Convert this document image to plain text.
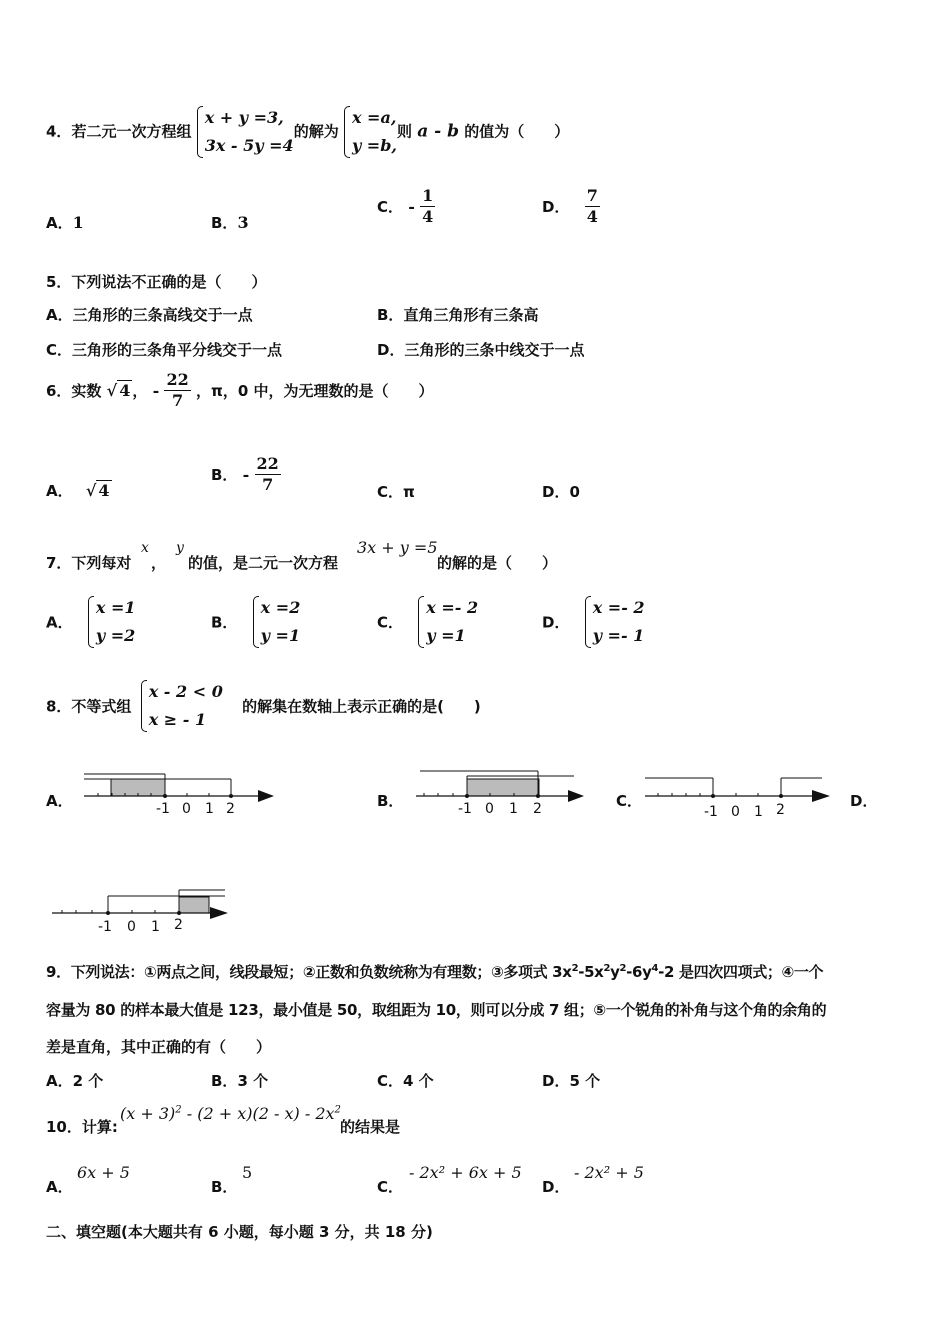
4．若二元一次方程组
x + y =3,
3x - 5y =4
的解为
x =a,
y =b,
则 a - b 的值为（　　）
A．1	B．3
C． - $\frac{1}{4}$	D． $\frac{7}{4}$
5．下列说法不正确的是（　　）
A．三角形的三条高线交于一点	B．直角三角形有三条高
C．三角形的三条角平分线交于一点	D．三角形的三条中线交于一点
6．实数 √ 4 ， - $\frac{22}{7}$ ，π，0 中，为无理数的是（　　）
A． √ 4
B． - $\frac{22}{7}$	C．π	D．0
7．下列每对
x
，
y
的值，是二元一次方程
3x + y =5
的解的是（　　）
A．
x =1
y =2
B．
x =2
y =1
C．
x =- 2
y =1
D．
x =- 2
y =- 1
8．不等式组
x - 2 < 0
x ≥ - 1
的解集在数轴上表示正确的是(　　)
A．	B．	C．	D．
-1 0 1 2	-1 0 1 2	-1 0 1 2
-1 0 1 2
9．下列说法：①两点之间，线段最短；②正数和负数统称为有理数；③多项式 $3x^2-5x^2y^2-6y^4-2$ 是四次四项式；④一个
容量为 80 的样本最大值是 123，最小值是 50，取组距为 10，则可以分成 7 组；⑤一个锐角的补角与这个角的余角的
差是直角，其中正确的有（　　）
A．2 个	B．3 个	C．4 个	D．5 个
10．计算:
$(x + 3)^2 - (2 + x)(2 - x) - 2x^2$
的结果是
A．
6x + 5
B．
5
C．
- 2x² + 6x + 5
D．
- 2x² + 5
二、填空题(本大题共有 6 小题，每小题 3 分，共 18 分)
